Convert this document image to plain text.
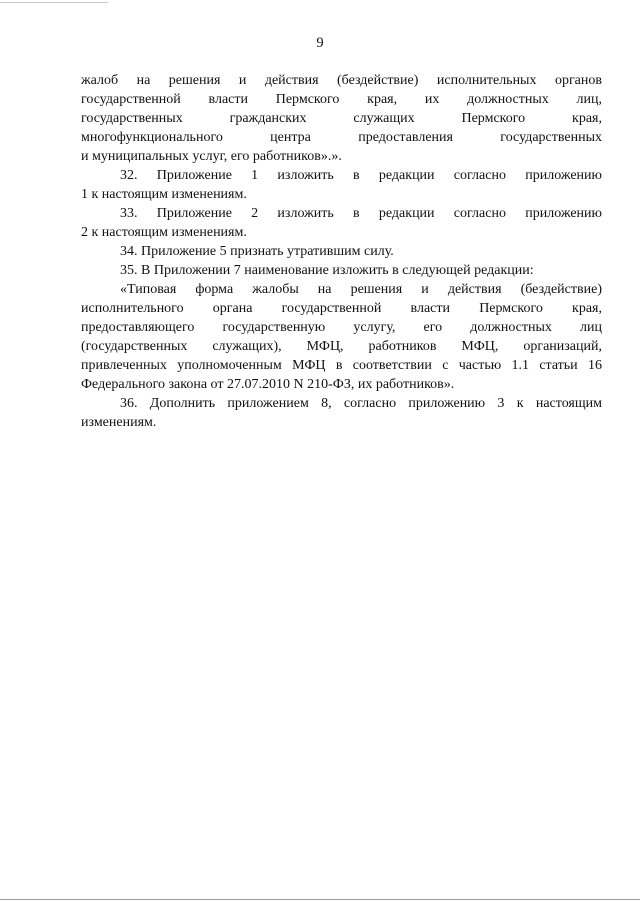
9
жалоб на решения и действия (бездействие) исполнительных органов
государственной власти Пермского края, их должностных лиц,
государственных гражданских служащих Пермского края,
многофункционального центра предоставления государственных
и муниципальных услуг, его работников».».
32. Приложение 1 изложить в редакции согласно приложению
1 к настоящим изменениям.
33. Приложение 2 изложить в редакции согласно приложению
2 к настоящим изменениям.
34. Приложение 5 признать утратившим силу.
35. В Приложении 7 наименование изложить в следующей редакции:
«Типовая форма жалобы на решения и действия (бездействие)
исполнительного органа государственной власти Пермского края,
предоставляющего государственную услугу, его должностных лиц
(государственных служащих), МФЦ, работников МФЦ, организаций,
привлеченных уполномоченным МФЦ в соответствии с частью 1.1 статьи 16
Федерального закона от 27.07.2010 N 210-ФЗ, их работников».
36. Дополнить приложением 8, согласно приложению 3 к настоящим
изменениям.
